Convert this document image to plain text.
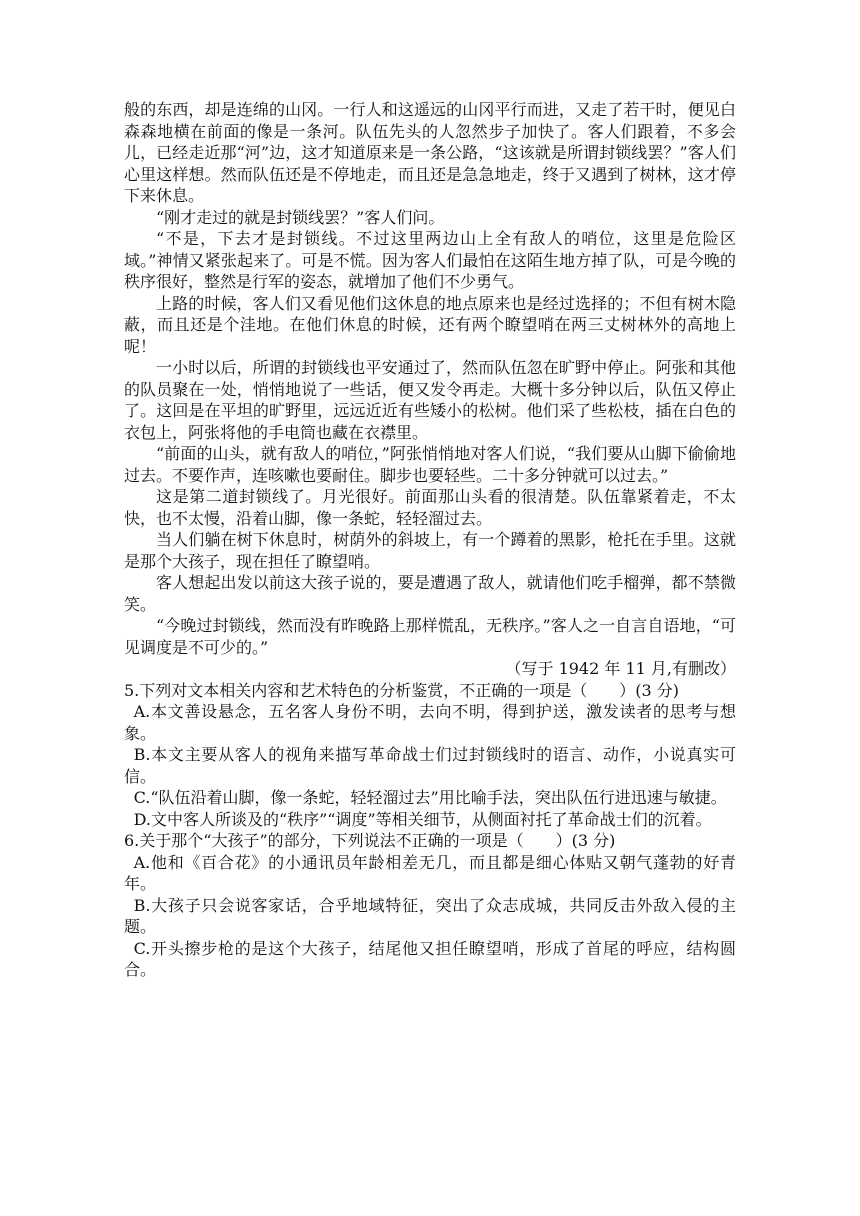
般的东西，却是连绵的山冈。一行人和这遥远的山冈平行而进，又走了若干时，便见白森森地横在前面的像是一条河。队伍先头的人忽然步子加快了。客人们跟着，不多会儿，已经走近那“河”边，这才知道原来是一条公路，“这该就是所谓封锁线罢？”客人们心里这样想。然而队伍还是不停地走，而且还是急急地走，终于又遇到了树林，这才停下来休息。

“刚才走过的就是封锁线罢？”客人们问。

“不是，下去才是封锁线。不过这里两边山上全有敌人的哨位，这里是危险区域。”神情又紧张起来了。可是不慌。因为客人们最怕在这陌生地方掉了队，可是今晚的秩序很好，整然是行军的姿态，就增加了他们不少勇气。

上路的时候，客人们又看见他们这休息的地点原来也是经过选择的；不但有树木隐蔽，而且还是个洼地。在他们休息的时候，还有两个瞭望哨在两三丈树林外的高地上呢！

一小时以后，所谓的封锁线也平安通过了，然而队伍忽在旷野中停止。阿张和其他的队员聚在一处，悄悄地说了一些话，便又发令再走。大概十多分钟以后，队伍又停止了。这回是在平坦的旷野里，远远近近有些矮小的松树。他们采了些松枝，插在白色的衣包上，阿张将他的手电筒也藏在衣襟里。

“前面的山头，就有敌人的哨位，”阿张悄悄地对客人们说，“我们要从山脚下偷偷地过去。不要作声，连咳嗽也要耐住。脚步也要轻些。二十多分钟就可以过去。”

这是第二道封锁线了。月光很好。前面那山头看的很清楚。队伍靠紧着走，不太快，也不太慢，沿着山脚，像一条蛇，轻轻溜过去。

当人们躺在树下休息时，树荫外的斜坡上，有一个蹲着的黑影，枪托在手里。这就是那个大孩子，现在担任了瞭望哨。

客人想起出发以前这大孩子说的，要是遭遇了敌人，就请他们吃手榴弹，都不禁微笑。

“今晚过封锁线，然而没有昨晚路上那样慌乱，无秩序。”客人之一自言自语地，“可见调度是不可少的。”

（写于 1942 年 11 月,有删改）

5.下列对文本相关内容和艺术特色的分析鉴赏，不正确的一项是（　　）(3 分)

A.本文善设悬念，五名客人身份不明，去向不明，得到护送，激发读者的思考与想象。

B.本文主要从客人的视角来描写革命战士们过封锁线时的语言、动作，小说真实可信。

C.“队伍沿着山脚，像一条蛇，轻轻溜过去”用比喻手法，突出队伍行进迅速与敏捷。

D.文中客人所谈及的“秩序”“调度”等相关细节，从侧面衬托了革命战士们的沉着。

6.关于那个“大孩子”的部分，下列说法不正确的一项是（　　）(3 分)

A.他和《百合花》的小通讯员年龄相差无几，而且都是细心体贴又朝气蓬勃的好青年。

B.大孩子只会说客家话，合乎地域特征，突出了众志成城，共同反击外敌入侵的主题。

C.开头擦步枪的是这个大孩子，结尾他又担任瞭望哨，形成了首尾的呼应，结构圆合。
